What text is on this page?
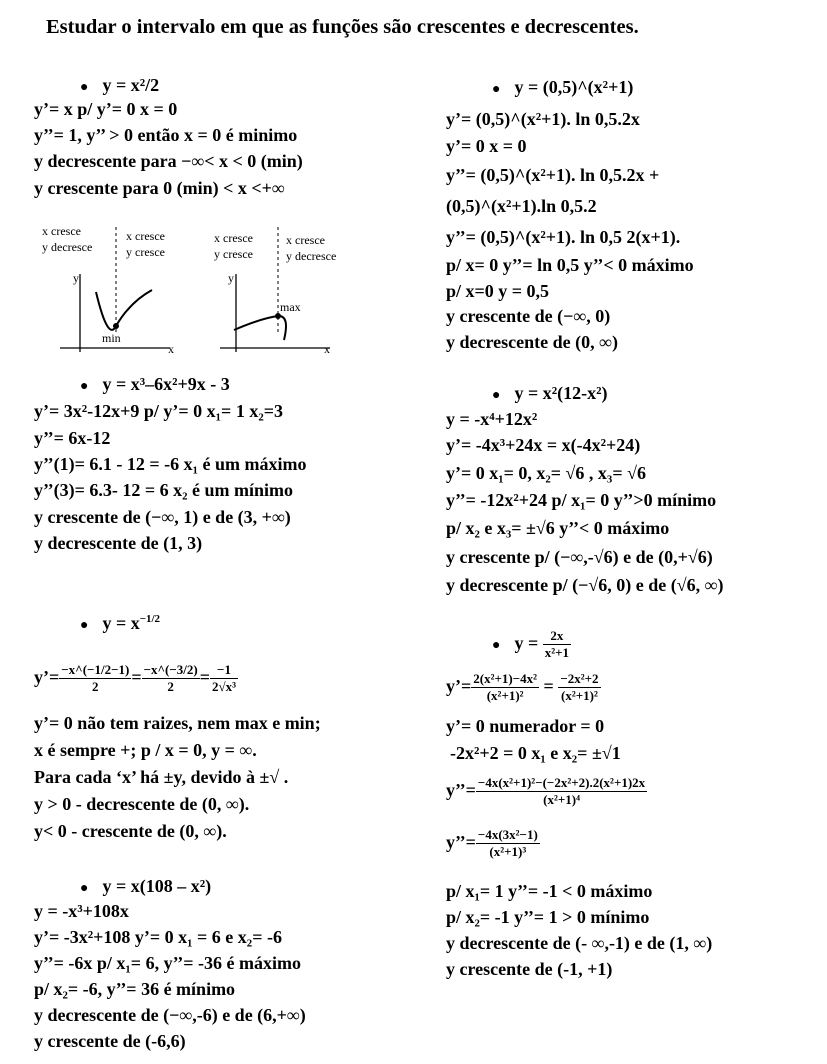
Estudar o intervalo em que as funções são crescentes e decrescentes.
● y = x²/2
y’= x p/ y’= 0 x = 0
y’’= 1, y’’ > 0 então x = 0 é minimo
y decrescente para −∞< x < 0 (min)
y crescente para 0 (min) < x <+∞
x cresce
y decresce
x cresce
y cresce
y
x
min
x cresce
y cresce
x cresce
y decresce
y
x
max
● y = x³–6x²+9x - 3
y’= 3x²-12x+9 p/ y’= 0 x₁= 1 x₂=3
y’’= 6x-12
y’’(1)= 6.1 - 12 = -6 x₁ é um máximo
y’’(3)= 6.3- 12 = 6 x₂ é um mínimo
y crescente de (−∞, 1) e de (3, +∞)
y decrescente de (1, 3)
● $y = x^{-1/2}$
y’= $\frac{-x\^{}(-1/2-1)}{2} = \frac{-x\^{}(-3/2)}{2} = \frac{-1}{\text{2√x³}}$
y’= 0 não tem raizes, nem max e min;
x é sempre +; p / x = 0, y = ∞.
Para cada ‘x’ há ±y, devido à ±√ .
y > 0 - decrescente de (0, ∞).
y< 0 - crescente de (0, ∞).
● y = x(108 – x²)
y = -x³+108x
y’= -3x²+108 y’= 0 x₁ = 6 e x₂= -6
y’’= -6x p/ x₁= 6, y’’= -36 é máximo
p/ x₂= -6, y’’= 36 é mínimo
y decrescente de (−∞,-6) e de (6,+∞)
y crescente de (-6,6)
● y = (0,5)^(x²+1)
y’= (0,5)^(x²+1). ln 0,5.2x
y’= 0 x = 0
y’’= (0,5)^(x²+1). ln 0,5.2x +
(0,5)^(x²+1).ln 0,5.2
y’’= (0,5)^(x²+1). ln 0,5 2(x+1).
p/ x= 0 y’’= ln 0,5 y’’< 0 máximo
p/ x=0 y = 0,5
y crescente de (−∞, 0)
y decrescente de (0, ∞)
● y = x²(12-x²)
y = -x⁴+12x²
y’= -4x³+24x = x(-4x²+24)
y’= 0 x₁= 0, x₂= √6 , x₃= √6
y’’= -12x²+24 p/ x₁= 0 y’’>0 mínimo
p/ x₂ e x₃= ±√6 y’’< 0 máximo
y crescente p/ (−∞,-√6) e de (0,+√6)
y decrescente p/ (−√6, 0) e de (√6, ∞)
● $y = \frac{2x}{\text{x²+1}}$
y’= $\frac{\text{2(x²+1)−4x²}}{\text{(x²+1)²}} = \frac{\text{−2x²+2}}{\text{(x²+1)²}}$
y’= 0 numerador = 0
-2x²+2 = 0 x₁ e x₂= ±√1
y’’= $\frac{\text{−4x(x²+1)²−(−2x²+2).2(x²+1)2x}}{\text{(x²+1)⁴}}$
y’’= $\frac{\text{−4x(3x²−1)}}{\text{(x²+1)³}}$
p/ x₁= 1 y’’= -1 < 0 máximo
p/ x₂= -1 y’’= 1 > 0 mínimo
y decrescente de (- ∞,-1) e de (1, ∞)
y crescente de (-1, +1)
